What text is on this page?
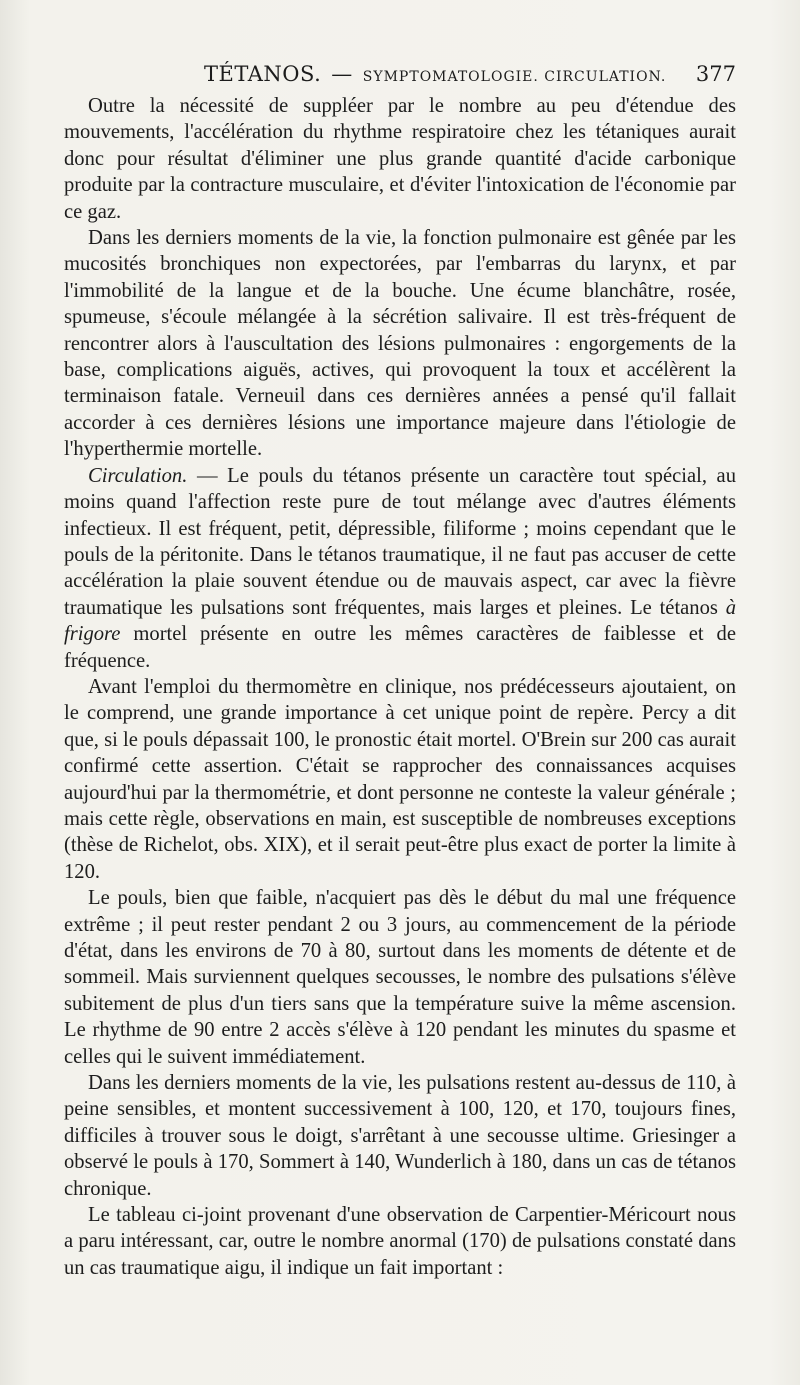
TÉTANOS. — SYMPTOMATOLOGIE. CIRCULATION. 377

Outre la nécessité de suppléer par le nombre au peu d'étendue des mouvements, l'accélération du rhythme respiratoire chez les tétaniques aurait donc pour résultat d'éliminer une plus grande quantité d'acide carbonique produite par la contracture musculaire, et d'éviter l'intoxication de l'économie par ce gaz.

Dans les derniers moments de la vie, la fonction pulmonaire est gênée par les mucosités bronchiques non expectorées, par l'embarras du larynx, et par l'immobilité de la langue et de la bouche. Une écume blanchâtre, rosée, spumeuse, s'écoule mélangée à la sécrétion salivaire. Il est très-fréquent de rencontrer alors à l'auscultation des lésions pulmonaires : engorgements de la base, complications aiguës, actives, qui provoquent la toux et accélèrent la terminaison fatale. Verneuil dans ces dernières années a pensé qu'il fallait accorder à ces dernières lésions une importance majeure dans l'étiologie de l'hyperthermie mortelle.

Circulation. — Le pouls du tétanos présente un caractère tout spécial, au moins quand l'affection reste pure de tout mélange avec d'autres éléments infectieux. Il est fréquent, petit, dépressible, filiforme ; moins cependant que le pouls de la péritonite. Dans le tétanos traumatique, il ne faut pas accuser de cette accélération la plaie souvent étendue ou de mauvais aspect, car avec la fièvre traumatique les pulsations sont fréquentes, mais larges et pleines. Le tétanos à frigore mortel présente en outre les mêmes caractères de faiblesse et de fréquence.

Avant l'emploi du thermomètre en clinique, nos prédécesseurs ajoutaient, on le comprend, une grande importance à cet unique point de repère. Percy a dit que, si le pouls dépassait 100, le pronostic était mortel. O'Brein sur 200 cas aurait confirmé cette assertion. C'était se rapprocher des connaissances acquises aujourd'hui par la thermométrie, et dont personne ne conteste la valeur générale ; mais cette règle, observations en main, est susceptible de nombreuses exceptions (thèse de Richelot, obs. XIX), et il serait peut-être plus exact de porter la limite à 120.

Le pouls, bien que faible, n'acquiert pas dès le début du mal une fréquence extrême ; il peut rester pendant 2 ou 3 jours, au commencement de la période d'état, dans les environs de 70 à 80, surtout dans les moments de détente et de sommeil. Mais surviennent quelques secousses, le nombre des pulsations s'élève subitement de plus d'un tiers sans que la température suive la même ascension. Le rhythme de 90 entre 2 accès s'élève à 120 pendant les minutes du spasme et celles qui le suivent immédiatement.

Dans les derniers moments de la vie, les pulsations restent au-dessus de 110, à peine sensibles, et montent successivement à 100, 120, et 170, toujours fines, difficiles à trouver sous le doigt, s'arrêtant à une secousse ultime. Griesinger a observé le pouls à 170, Sommert à 140, Wunderlich à 180, dans un cas de tétanos chronique.

Le tableau ci-joint provenant d'une observation de Carpentier-Méricourt nous a paru intéressant, car, outre le nombre anormal (170) de pulsations constaté dans un cas traumatique aigu, il indique un fait important :
